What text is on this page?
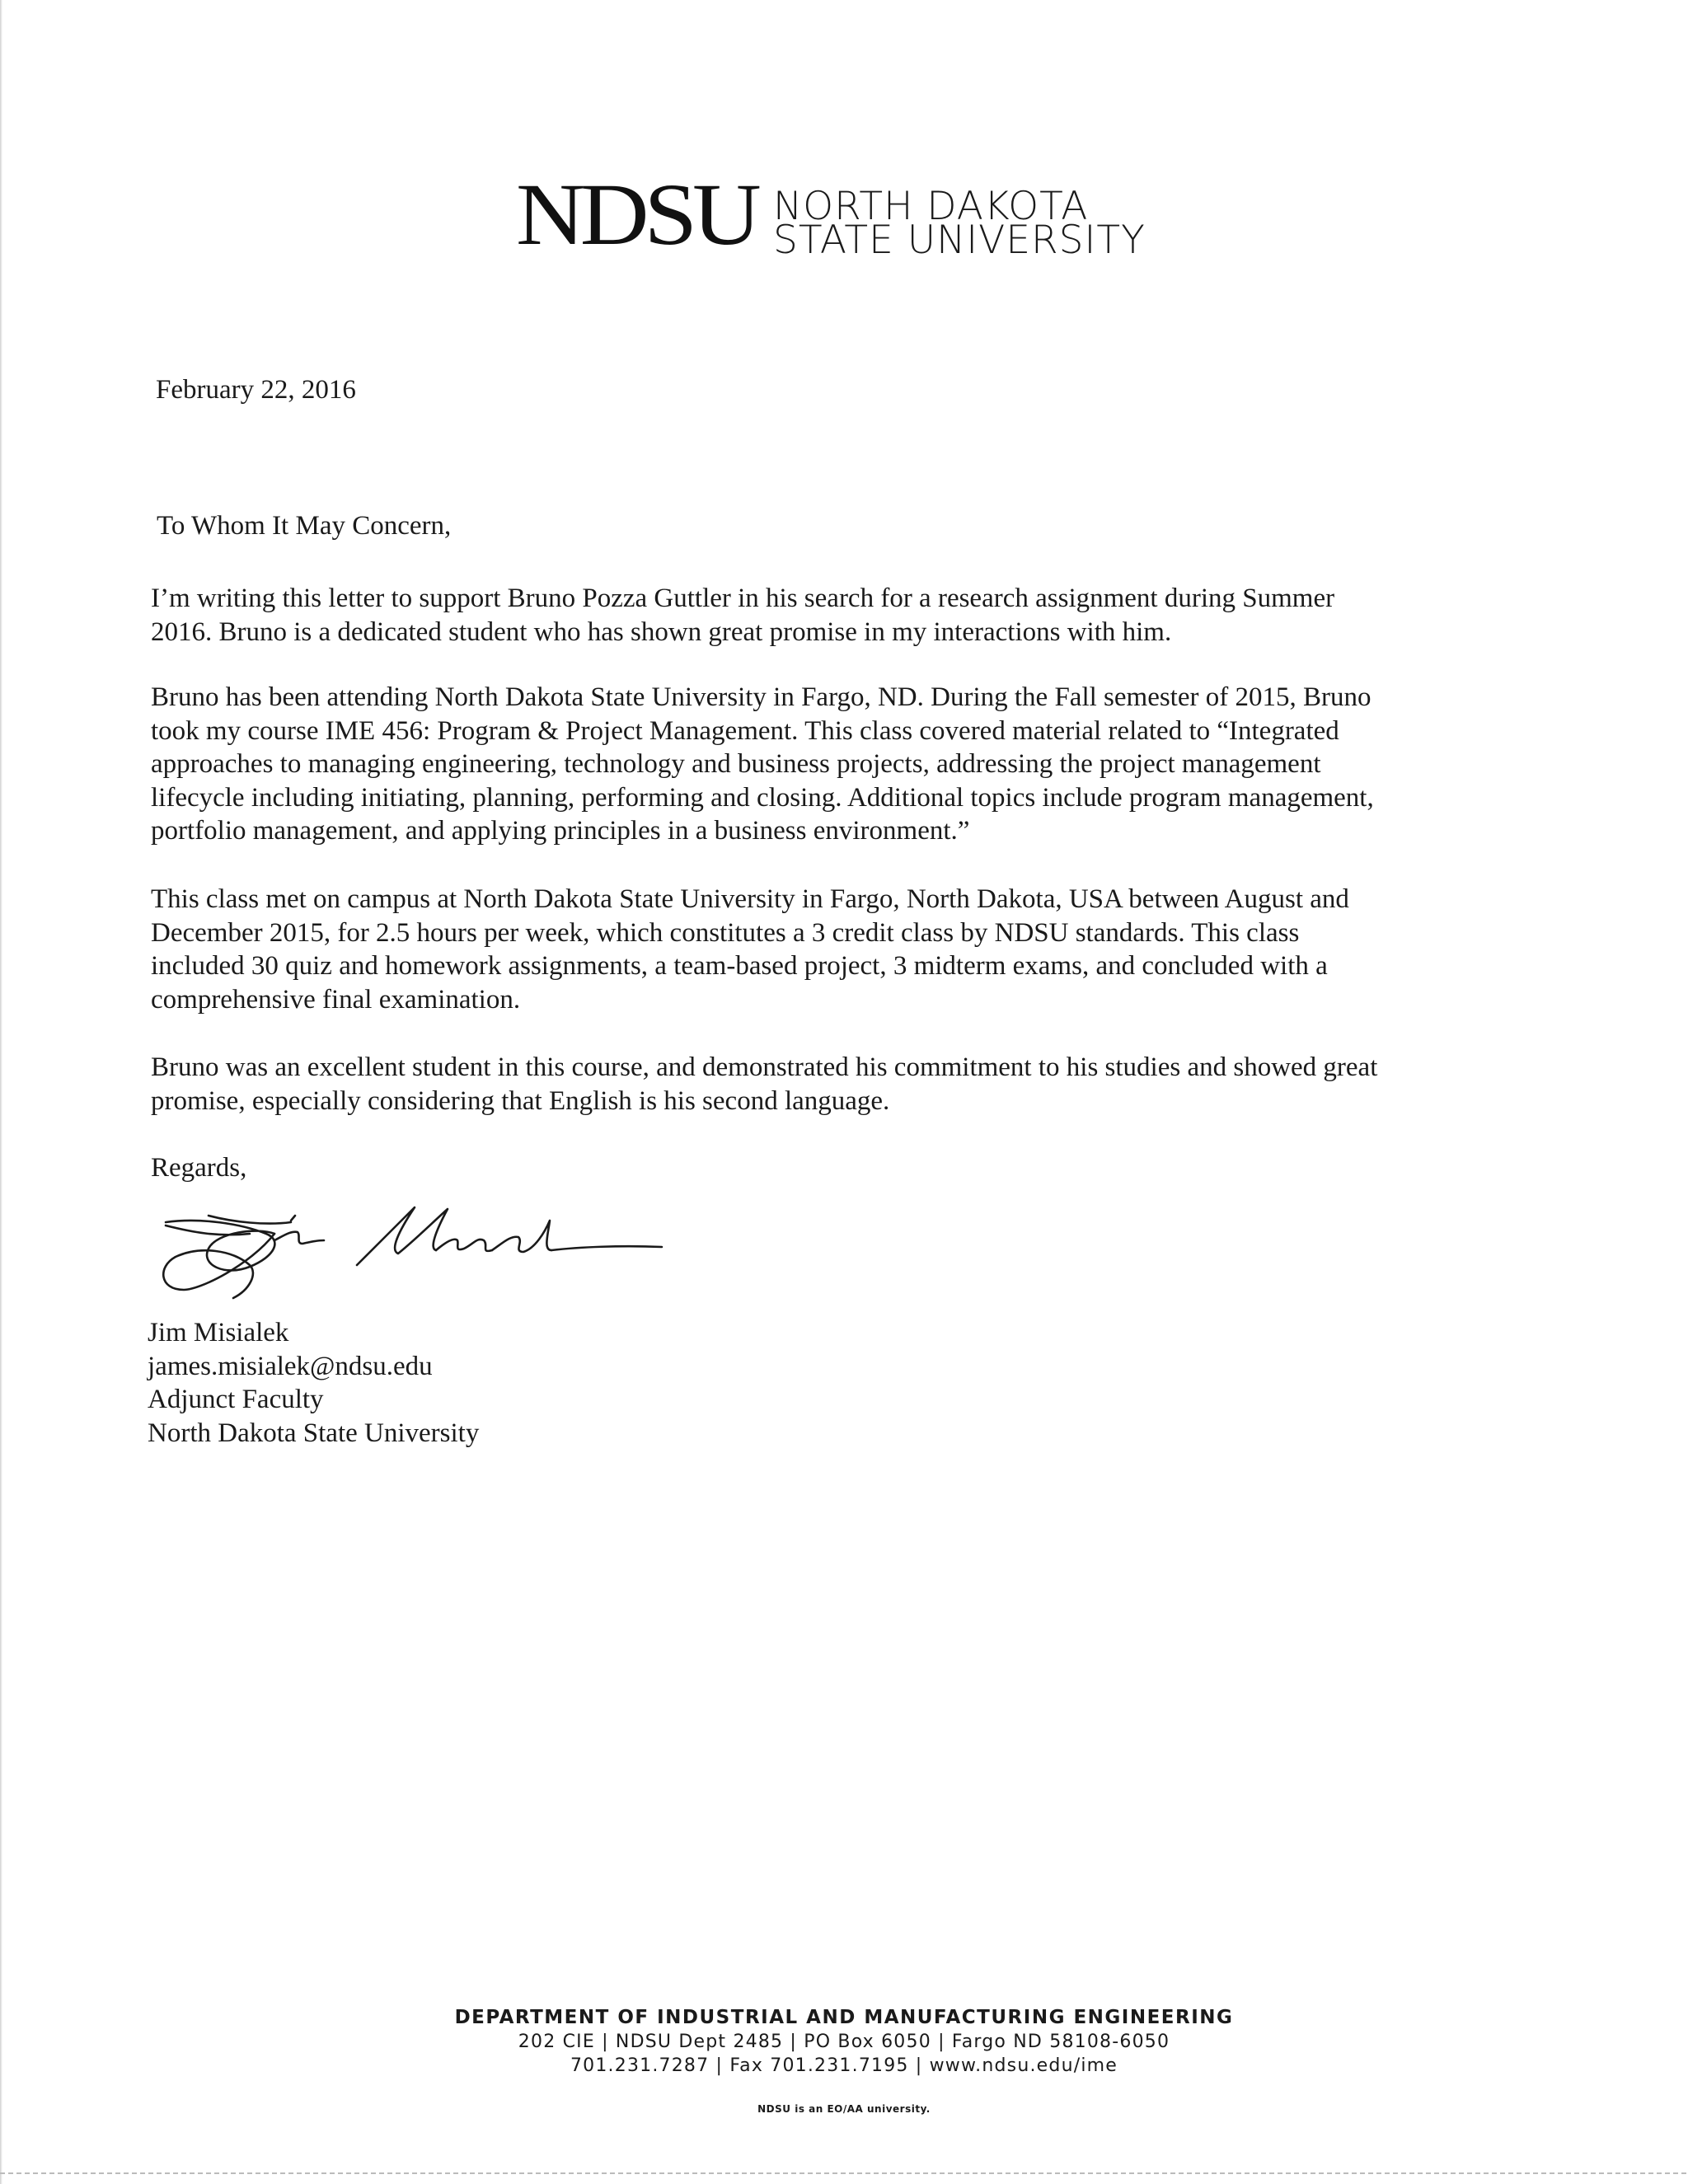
NDSU NORTH DAKOTA
STATE UNIVERSITY
February 22, 2016
To Whom It May Concern,
I’m writing this letter to support Bruno Pozza Guttler in his search for a research assignment during Summer
2016. Bruno is a dedicated student who has shown great promise in my interactions with him.
Bruno has been attending North Dakota State University in Fargo, ND. During the Fall semester of 2015, Bruno
took my course IME 456: Program & Project Management. This class covered material related to “Integrated
approaches to managing engineering, technology and business projects, addressing the project management
lifecycle including initiating, planning, performing and closing. Additional topics include program management,
portfolio management, and applying principles in a business environment.”
This class met on campus at North Dakota State University in Fargo, North Dakota, USA between August and
December 2015, for 2.5 hours per week, which constitutes a 3 credit class by NDSU standards. This class
included 30 quiz and homework assignments, a team-based project, 3 midterm exams, and concluded with a
comprehensive final examination.
Bruno was an excellent student in this course, and demonstrated his commitment to his studies and showed great
promise, especially considering that English is his second language.
Regards,
Jim Misialek
james.misialek@ndsu.edu
Adjunct Faculty
North Dakota State University
DEPARTMENT OF INDUSTRIAL AND MANUFACTURING ENGINEERING
202 CIE | NDSU Dept 2485 | PO Box 6050 | Fargo ND 58108-6050
701.231.7287 | Fax 701.231.7195 | www.ndsu.edu/ime
NDSU is an EO/AA university.
